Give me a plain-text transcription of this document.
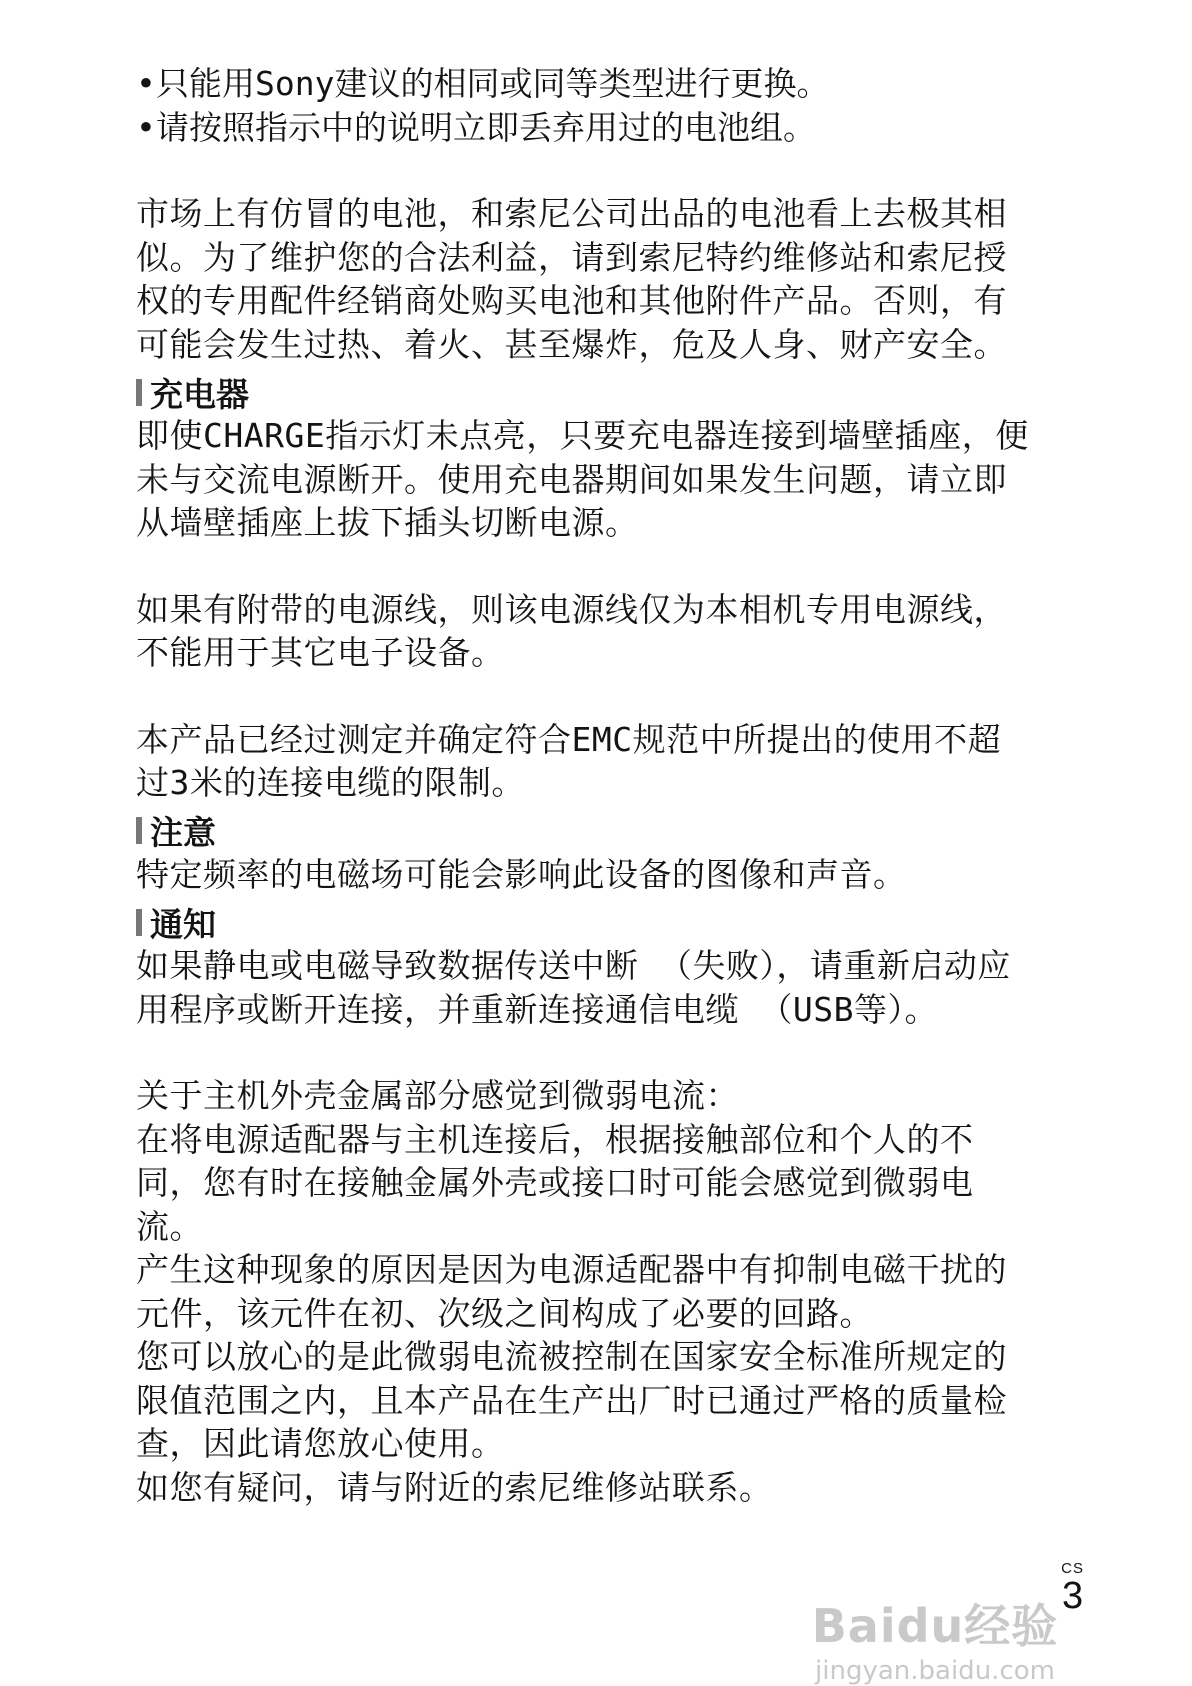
• 只能用Sony建议的相同或同等类型进行更换。
• 请按照指示中的说明立即丢弃用过的电池组。

市场上有仿冒的电池，和索尼公司出品的电池看上去极其相

似。为了维护您的合法利益，请到索尼特约维修站和索尼授

权的专用配件经销商处购买电池和其他附件产品。否则，有

可能会发生过热、着火、甚至爆炸，危及人身、财产安全。

充电器

即使CHARGE指示灯未点亮，只要充电器连接到墙壁插座，便

未与交流电源断开。使用充电器期间如果发生问题，请立即

从墙壁插座上拔下插头切断电源。

如果有附带的电源线，则该电源线仅为本相机专用电源线，

不能用于其它电子设备。

本产品已经过测定并确定符合EMC规范中所提出的使用不超

过3米的连接电缆的限制。

注意

特定频率的电磁场可能会影响此设备的图像和声音。

通知

如果静电或电磁导致数据传送中断 （失败），请重新启动应

用程序或断开连接，并重新连接通信电缆 （USB等）。

关于主机外壳金属部分感觉到微弱电流：

在将电源适配器与主机连接后，根据接触部位和个人的不

同，您有时在接触金属外壳或接口时可能会感觉到微弱电

流。

产生这种现象的原因是因为电源适配器中有抑制电磁干扰的

元件，该元件在初、次级之间构成了必要的回路。

您可以放心的是此微弱电流被控制在国家安全标准所规定的

限值范围之内，且本产品在生产出厂时已通过严格的质量检

查，因此请您放心使用。

如您有疑问，请与附近的索尼维修站联系。

Baidu经验
jingyan.baidu.com
CS
3
